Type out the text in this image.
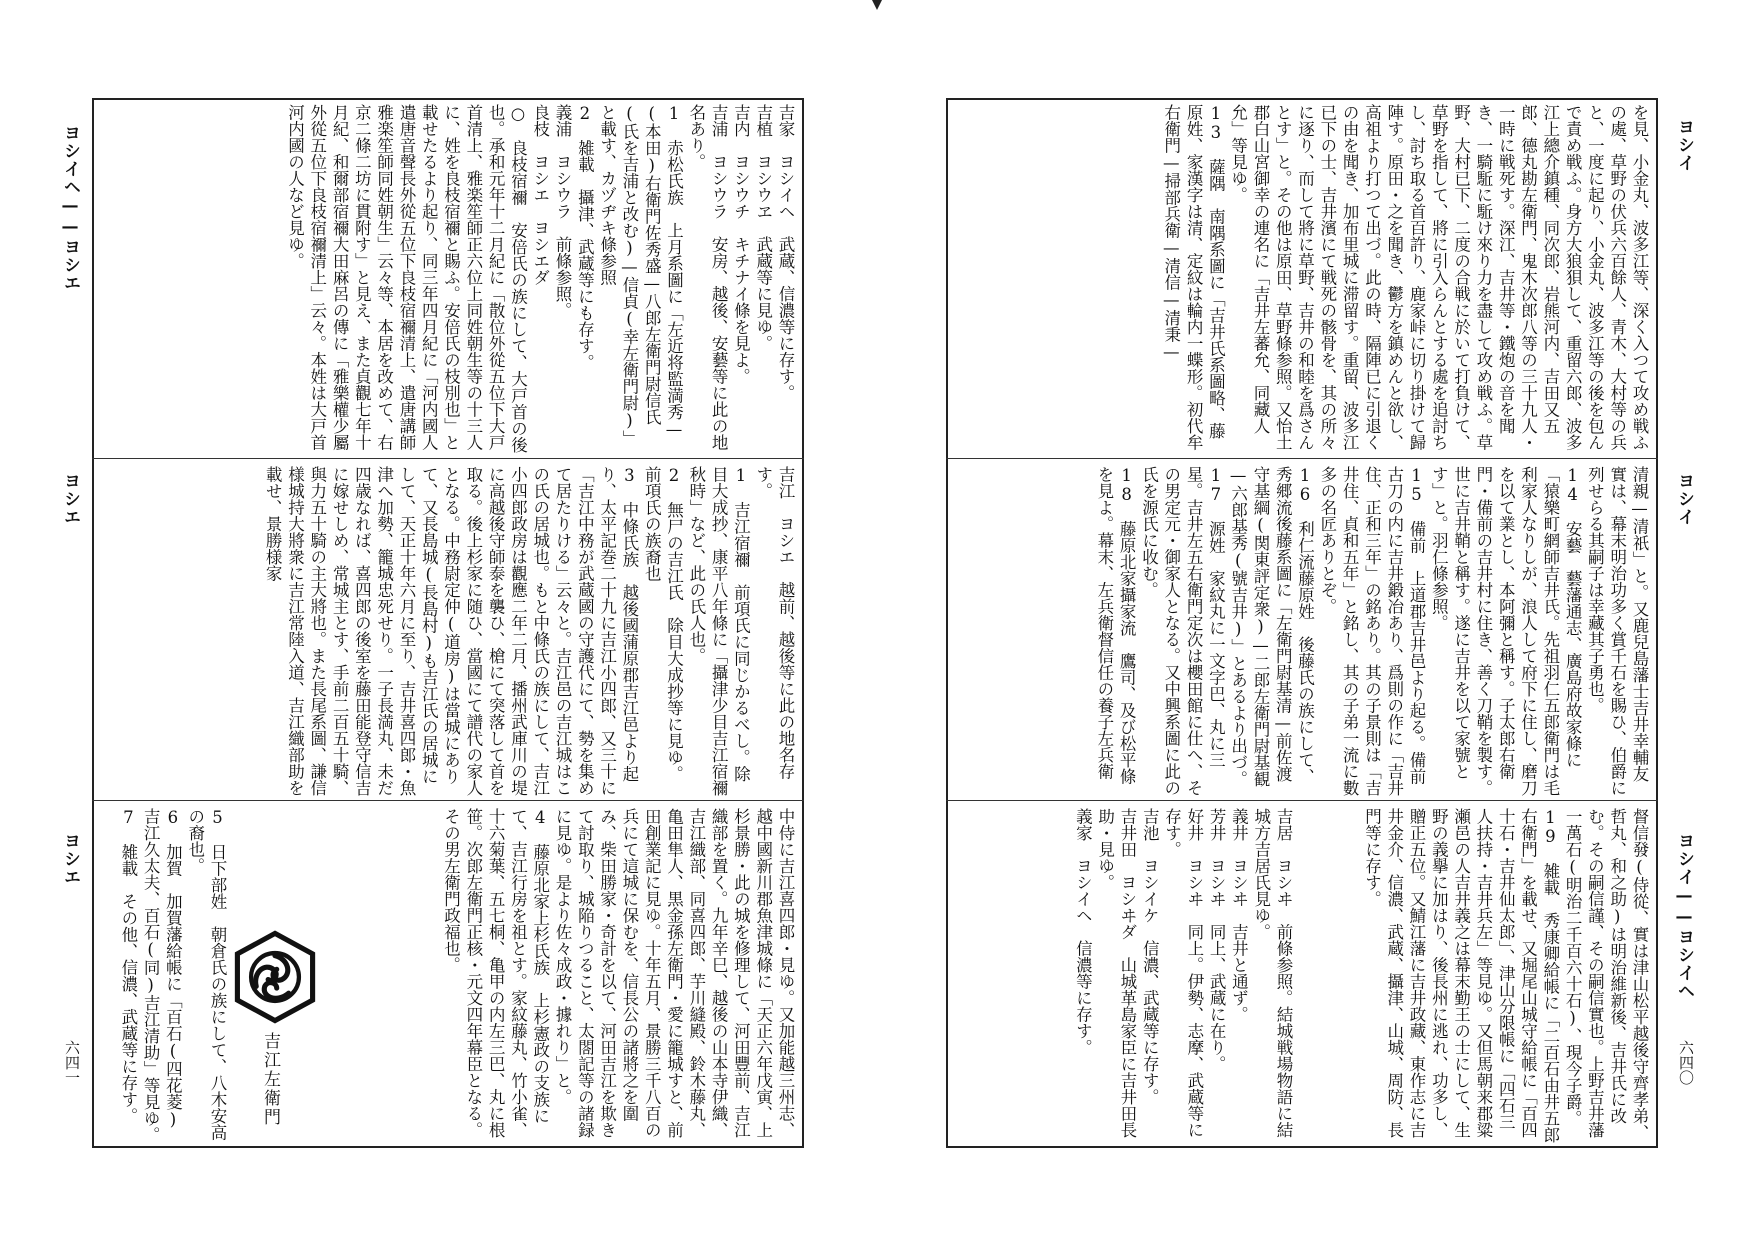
ヨシイヘ——ヨシエ
ヨシエ
ヨシエ
六四一
吉家　ヨシイヘ　武蔵、信濃等に存す。
吉植　ヨシウヱ　武蔵等に見ゆ。
吉内　ヨシウチ　キチナイ條を見よ。
吉浦　ヨシウラ　安房、越後、安藝等に此の地名あり。
1　赤松氏族　上月系圖に「左近将監満秀—(本田)右衛門佐秀盛—八郎左衛門尉信氏(氏を吉浦と改む)—信貞(幸左衛門尉)」と載す、カヅヂキ條参照
2　雑載　攝津、武蔵等にも存す。
義浦　ヨシウラ　前條参照。
良枝　ヨシエ　ヨシエダ
○　良枝宿禰　安倍氏の族にして、大戸首の後也。承和元年十二月紀に「散位外從五位下大戸首清上、雅楽笙師正六位上同姓朝生等の十三人に、姓を良枝宿禰と賜ふ。安倍氏の枝別也」と載せたるより起り、同三年四月紀に「河内國人遣唐音聲長外從五位下良枝宿禰清上、遣唐講師雅楽笙師同姓朝生」云々等、本居を改めて、右京二條二坊に貫附す」と見え、また貞觀七年十月紀、和爾部宿禰大田麻呂の傳に「雅樂權少屬外從五位下良枝宿禰清上」云々。本姓は大戸首　河内國の人など見ゆ。
吉江　ヨシエ　越前、越後等に此の地名存す。
1　吉江宿禰　前項氏に同じかるべし。除目大成抄、康平八年條に「攝津少目吉江宿禰秋時」など、此の氏人也。
2　無尸の吉江氏　除目大成抄等に見ゆ。前項氏の族裔也
3　中條氏族　越後國蒲原郡吉江邑より起り、太平記巻二十九に吉江小四郎、又三十に「吉江中務が武蔵國の守護代にて、勢を集めて居たりける」云々と。吉江邑の吉江城はこの氏の居城也。もと中條氏の族にして、吉江小四郎政房は觀應二年二月、播州武庫川の堤に高越後守師泰を襲ひ、槍にて突落して首を取る。後上杉家に随ひ、當國にて譜代の家人となる。中務尉定仲(道房)は當城にありて、又長島城(長島村)も吉江氏の居城にして、天正十年六月に至り、吉井喜四郎・魚津へ加勢、籠城忠死せり。一子長満丸、未だ四歳なれば、喜四郎の後室を藤田能登守信吉に嫁せしめ、常城主とす、手前二百五十騎、與力五十騎の主大將也。また長尾系圖、謙信様城持大將衆に吉江常陸入道、吉江織部助を載せ、景勝様家
中侍に吉江喜四郎・見ゆ。又加能越三州志、越中國新川郡魚津城條に「天正六年戊寅、上杉景勝・此の城を修理して、河田豐前、吉江織部を置く。九年辛巳、越後の山本寺伊織、吉江織部、同喜四郎、芋川縫殿、鈴木藤丸、亀田隼人、黒金孫左衛門・愛に籠城すと、前田創業記に見ゆ。十年五月、景勝三千八百の兵にて這城に保むを、信長公の諸將之を圍み、柴田勝家・奇計を以て、河田吉江を欺きて討取り、城陥りつること、太閤記等の諸録に見ゆ。是より佐々成政・據れり」と。
4　藤原北家上杉氏族　上杉憲政の支族にて、吉江行房を祖とす。家紋藤丸、竹小雀、十六菊葉、五七桐、亀甲の内左三巴、丸に根笹。次郎左衛門正核・元文四年幕臣となる。その男左衛門政福也。
吉江左衛門
5　日下部姓　朝倉氏の族にして、八木安高の裔也。
6　加賀　加賀藩給帳に「百石(四花菱)吉江久太夫、百石(同)吉江清助」等見ゆ。
7　雑載　その他、信濃、武蔵等に存す。
ヨシイ
ヨシイ
ヨシイ——ヨシイヘ
六四〇
を見、小金丸、波多江等、深く入つて攻め戦ふの處、草野の伏兵六百餘人、青木、大村等の兵と、一度に起り、小金丸、波多江等の後を包んで責め戦ふ。身方大狼狽して、重留六郎、波多江上總介鎮種、同次郎、岩熊河内、吉田又五郎、德丸勘左衛門、鬼木次郎八等の三十九人・一時に戦死す。深江、吉井等・鐵炮の音を聞き、一騎駈に駈け來り力を盡して攻め戦ふ。草野、大村已下、二度の合戦に於いて打負けて、草野を指して、將に引入らんとする處を追討ちし、討ち取る首百許り、鹿家峠に切り掛けて歸陣す。原田・之を聞き、鬱方を鎮めんと欲し、高祖より打つて出づ。此の時、隔陣已に引退くの由を聞き、加布里城に滞留す。重留、波多江已下の士、吉井濱にて戦死の骸骨を、其の所々に逐り、而して將に草野、吉井の和睦を爲さんとす」と。その他は原田、草野條参照。又怡土郡白山宮御幸の連名に「吉井左蕃允、同藏人允」等見ゆ。
13　薩隅　南隅系圖に「吉井氏系圖略、藤原姓、家漢字は清、定紋は輪内一蝶形。初代牟右衛門—掃部兵衛—清信—清秉—
清親—清祇」と。又鹿兒島藩士吉井幸輔友實は、幕末明治功多く賞千石を賜ひ、伯爵に列せらる其嗣子は幸藏其子勇也。
14　安藝　藝藩通志、廣島府故家條に「猿樂町網師吉井氏。先祖羽仁五郎衛門は毛利家人なりしが、浪人して府下に住し、磨刀を以て業とし、本阿彌と稱す。子太郎右衛門・備前の吉井村に住き、善く刀鞘を製す。世に吉井鞘と稱す。遂に吉井を以て家號とす」と。羽仁條参照。
15　備前　上道郡吉井邑より起る。備前古刀の内に吉井鍛冶あり、爲則の作に「吉井住、正和三年」の銘あり。其の子景則は「吉井住、貞和五年」と銘し、其の子弟一流に數多の名匠ありとぞ。
16　利仁流藤原姓　後藤氏の族にして、秀郷流後藤系圖に「左衛門尉基清—前佐渡守基綱(関東評定衆)—二郎左衛門尉基観—六郎基秀(號吉井)」とあるより出づ。
17　源姓　家紋丸に一文字巴、丸に三星。吉井左五右衛門定次は櫻田館に仕へ、その男定元・御家人となる。又中興系圖に此の氏を源氏に收む。
18　藤原北家攝家流　鷹司、及び松平條を見よ。幕末、左兵衛督信任の養子左兵衛
督信發(侍從、實は津山松平越後守齊孝弟、哲丸、和之助)は明治維新後、吉井氏に改む。その嗣信謹、その嗣信實也。上野吉井藩一萬石(明治二千百六十石)、現今子爵。
19　雑載　秀康卿給帳に「二百石由井五郎右衛門」を載せ、又堀尾山城守給帳に「百四十石・吉井仙太郎」、津山分限帳に「四石三人扶持・吉井兵左」等見ゆ。又但馬朝来郡粱瀬邑の人吉井義之は幕末勤王の士にして、生野の義擧に加はり、後長州に逃れ、功多し、贈正五位。又鯖江藩に吉井政藏、東作志に吉井金介、信濃、武蔵、攝津、山城、周防、長門等に存す。
吉居　ヨシヰ　前條参照。結城戦場物語に結城方吉居氏見ゆ。
義井　ヨシヰ　吉井と通ず。
芳井　ヨシヰ　同上、武蔵に在り。
好井　ヨシヰ　同上。伊勢、志摩、武蔵等に存す。
吉池　ヨシイケ　信濃、武蔵等に存す。
吉井田　ヨシヰダ　山城革島家臣に吉井田長助・見ゆ。
義家　ヨシイヘ　信濃等に存す。
